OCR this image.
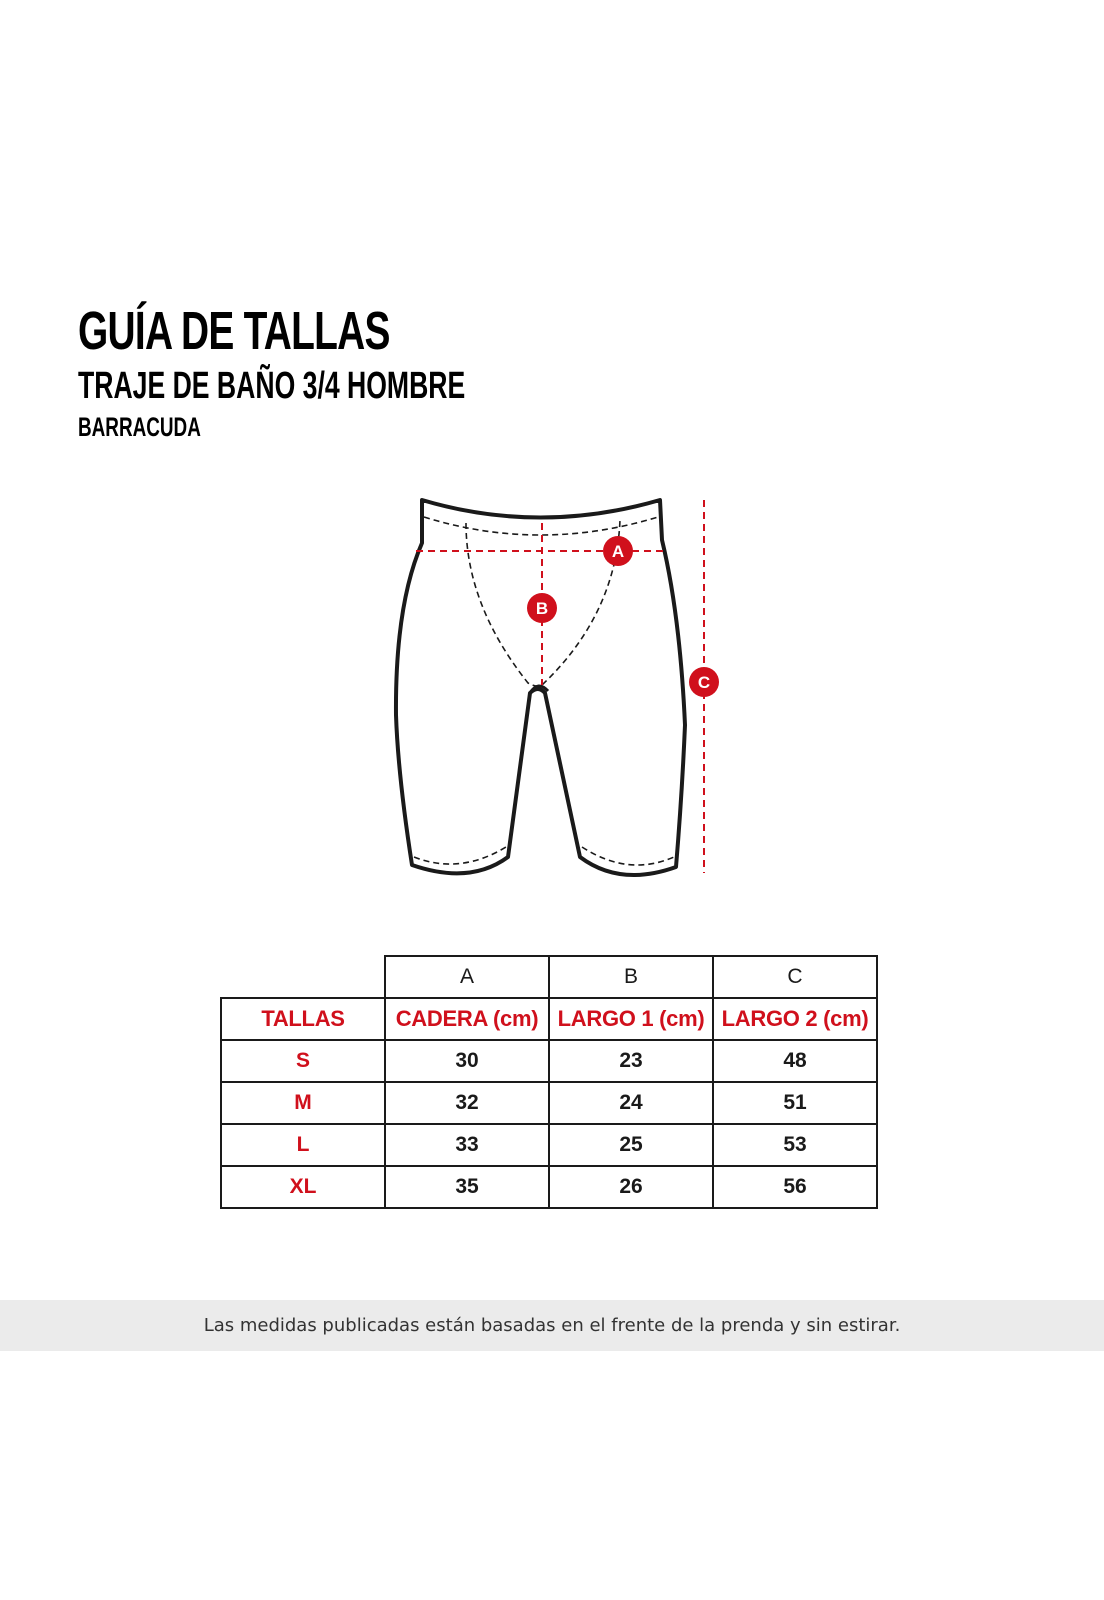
GUÍA DE TALLAS
TRAJE DE BAÑO 3/4 HOMBRE
BARRACUDA
A
B
C
	A	B	C
TALLAS	CADERA (cm)	LARGO 1 (cm)	LARGO 2 (cm)
S	30	23	48
M	32	24	51
L	33	25	53
XL	35	26	56
Las medidas publicadas están basadas en el frente de la prenda y sin estirar.
